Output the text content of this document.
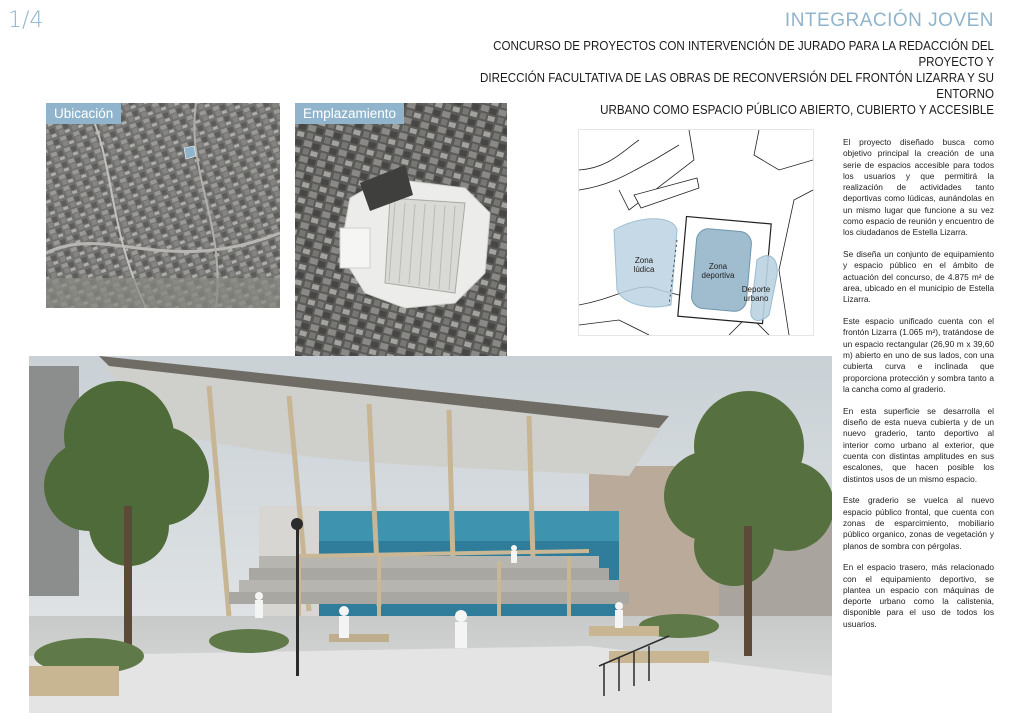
1/4	INTEGRACIÓN JOVEN
CONCURSO DE PROYECTOS CON INTERVENCIÓN DE JURADO PARA LA REDACCIÓN DEL PROYECTO Y
DIRECCIÓN FACULTATIVA DE LAS OBRAS DE RECONVERSIÓN DEL FRONTÓN LIZARRA Y SU ENTORNO
URBANO COMO ESPACIO PÚBLICO ABIERTO, CUBIERTO Y ACCESIBLE
Ubicación	Emplazamiento
Zona lúdica	Zona deportiva
Deporte urbano

El proyecto diseñado busca como objetivo principal la creación de una serie de espacios accesible para todos los usuarios y que permitirá la realización de actividades tanto deportivas como lúdicas, aunándolas en un mismo lugar que funcione a su vez como espacio de reunión y encuentro de los ciudadanos de Estella Lizarra.

Se diseña un conjunto de equipamiento y espacio público en el ámbito de actuación del concurso, de 4.875 m² de area, ubicado en el municipio de Estella Lizarra.

Este espacio unificado cuenta con el frontón Lizarra (1.065 m²), tratándose de un espacio rectangular (26,90 m x 39,60 m) abierto en uno de sus lados, con una cubierta curva e inclinada que proporciona protección y sombra tanto a la cancha como al graderio.

En esta superficie se desarrolla el diseño de esta nueva cubierta y de un nuevo graderio, tanto deportivo al interior como urbano al exterior, que cuenta con distintas amplitudes en sus escalones, que hacen posible los distintos usos de un mismo espacio.

Este graderio se vuelca al nuevo espacio público frontal, que cuenta con zonas de esparcimiento, mobiliario público organico, zonas de vegetación y planos de sombra con pérgolas.

En el espacio trasero, más relacionado con el equipamiento deportivo, se plantea un espacio con máquinas de deporte urbano como la calistenia, disponible para el uso de todos los usuarios.
